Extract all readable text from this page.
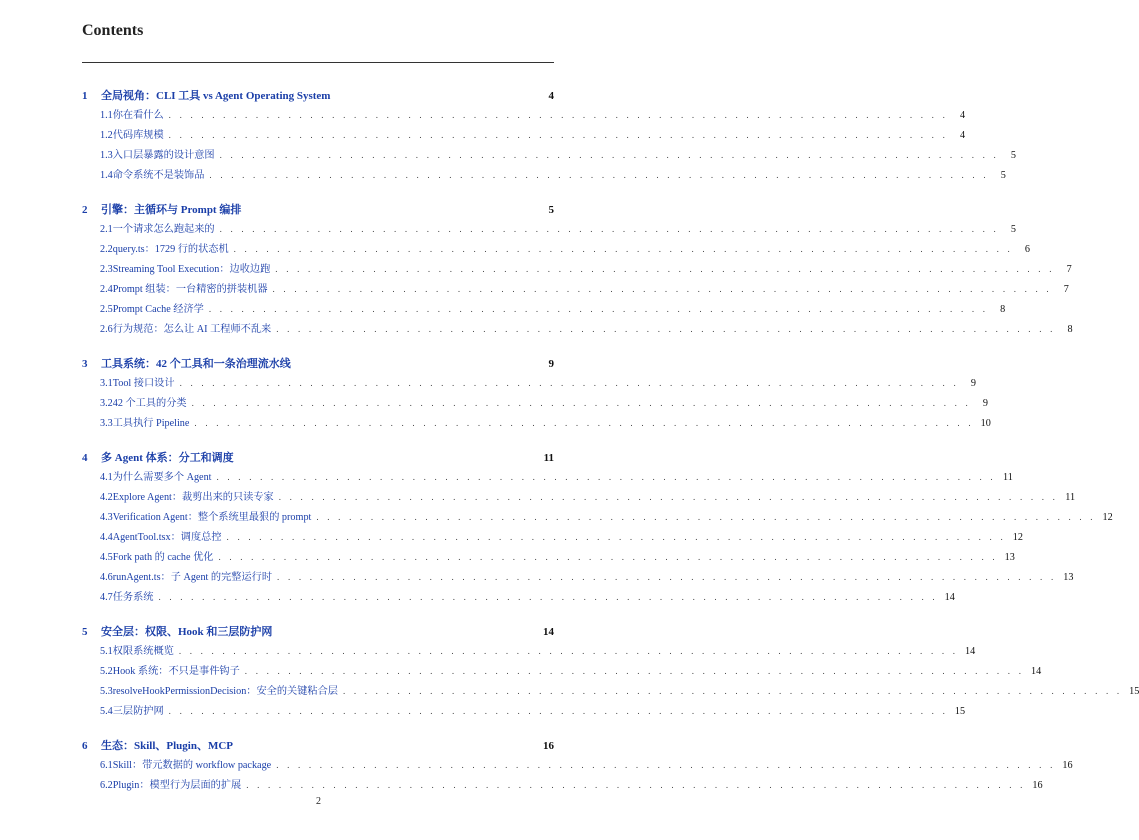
Contents
1	全局视角：CLI 工具 vs Agent Operating System	4
1.1 你在看什么 . . . . . . . . . . . . . . . . . . . . . . . . . . . . . . . . . . . . . . . . . . . . . . . . . . . . . . . . . . . . . . . . . . . . . . . .	4
1.2 代码库规模 . . . . . . . . . . . . . . . . . . . . . . . . . . . . . . . . . . . . . . . . . . . . . . . . . . . . . . . . . . . . . . . . . . . . . . . .	4
1.3 入口层暴露的设计意图 . . . . . . . . . . . . . . . . . . . . . . . . . . . . . . . . . . . . . . . . . . . . . . . . . . . . . . . . . . . . . . . . . . . . . . . .	5
1.4 命令系统不是装饰品 . . . . . . . . . . . . . . . . . . . . . . . . . . . . . . . . . . . . . . . . . . . . . . . . . . . . . . . . . . . . . . . . . . . . . . . .	5
2	引擎：主循环与 Prompt 编排	5
2.1 一个请求怎么跑起来的 . . . . . . . . . . . . . . . . . . . . . . . . . . . . . . . . . . . . . . . . . . . . . . . . . . . . . . . . . . . . . . . . . . . . . . . .	5
2.2 query.ts：1729 行的状态机 . . . . . . . . . . . . . . . . . . . . . . . . . . . . . . . . . . . . . . . . . . . . . . . . . . . . . . . . . . . . . . . . . . . . . . . .	6
2.3 Streaming Tool Execution：边收边跑 . . . . . . . . . . . . . . . . . . . . . . . . . . . . . . . . . . . . . . . . . . . . . . . . . . . . . . . . . . . . . . . . . . . . . . . .	7
2.4 Prompt 组装：一台精密的拼装机器 . . . . . . . . . . . . . . . . . . . . . . . . . . . . . . . . . . . . . . . . . . . . . . . . . . . . . . . . . . . . . . . . . . . . . . . .	7
2.5 Prompt Cache 经济学 . . . . . . . . . . . . . . . . . . . . . . . . . . . . . . . . . . . . . . . . . . . . . . . . . . . . . . . . . . . . . . . . . . . . . . . .	8
2.6 行为规范：怎么让 AI 工程师不乱来 . . . . . . . . . . . . . . . . . . . . . . . . . . . . . . . . . . . . . . . . . . . . . . . . . . . . . . . . . . . . . . . . . . . . . . . .	8
3	工具系统：42 个工具和一条治理流水线	9
3.1 Tool 接口设计 . . . . . . . . . . . . . . . . . . . . . . . . . . . . . . . . . . . . . . . . . . . . . . . . . . . . . . . . . . . . . . . . . . . . . . . .	9
3.2 42 个工具的分类 . . . . . . . . . . . . . . . . . . . . . . . . . . . . . . . . . . . . . . . . . . . . . . . . . . . . . . . . . . . . . . . . . . . . . . . .	9
3.3 工具执行 Pipeline . . . . . . . . . . . . . . . . . . . . . . . . . . . . . . . . . . . . . . . . . . . . . . . . . . . . . . . . . . . . . . . . . . . . . . . . 10
4	多 Agent 体系：分工和调度	11
4.1 为什么需要多个 Agent . . . . . . . . . . . . . . . . . . . . . . . . . . . . . . . . . . . . . . . . . . . . . . . . . . . . . . . . . . . . . . . . . . . . . . . . 11
4.2 Explore Agent：裁剪出来的只读专家 . . . . . . . . . . . . . . . . . . . . . . . . . . . . . . . . . . . . . . . . . . . . . . . . . . . . . . . . . . . . . . . . . . . . . . . . 11
4.3 Verification Agent：整个系统里最狠的 prompt . . . . . . . . . . . . . . . . . . . . . . . . . . . . . . . . . . . . . . . . . . . . . . . . . . . . . . . . . . . . . . . . . . . . . . . . 12
4.4 AgentTool.tsx：调度总控 . . . . . . . . . . . . . . . . . . . . . . . . . . . . . . . . . . . . . . . . . . . . . . . . . . . . . . . . . . . . . . . . . . . . . . . . 12
4.5 Fork path 的 cache 优化 . . . . . . . . . . . . . . . . . . . . . . . . . . . . . . . . . . . . . . . . . . . . . . . . . . . . . . . . . . . . . . . . . . . . . . . . 13
4.6 runAgent.ts：子 Agent 的完整运行时 . . . . . . . . . . . . . . . . . . . . . . . . . . . . . . . . . . . . . . . . . . . . . . . . . . . . . . . . . . . . . . . . . . . . . . . . 13
4.7 任务系统 . . . . . . . . . . . . . . . . . . . . . . . . . . . . . . . . . . . . . . . . . . . . . . . . . . . . . . . . . . . . . . . . . . . . . . . . 14
5	安全层：权限、Hook 和三层防护网	14
5.1 权限系统概览 . . . . . . . . . . . . . . . . . . . . . . . . . . . . . . . . . . . . . . . . . . . . . . . . . . . . . . . . . . . . . . . . . . . . . . . . 14
5.2 Hook 系统：不只是事件钩子 . . . . . . . . . . . . . . . . . . . . . . . . . . . . . . . . . . . . . . . . . . . . . . . . . . . . . . . . . . . . . . . . . . . . . . . . 14
5.3 resolveHookPermissionDecision：安全的关键粘合层 . . . . . . . . . . . . . . . . . . . . . . . . . . . . . . . . . . . . . . . . . . . . . . . . . . . . . . . . . . . . . . . . . . . . . . . . 15
5.4 三层防护网 . . . . . . . . . . . . . . . . . . . . . . . . . . . . . . . . . . . . . . . . . . . . . . . . . . . . . . . . . . . . . . . . . . . . . . . . 15
6	生态：Skill、Plugin、MCP	16
6.1 Skill：带元数据的 workflow package . . . . . . . . . . . . . . . . . . . . . . . . . . . . . . . . . . . . . . . . . . . . . . . . . . . . . . . . . . . . . . . . . . . . . . . . 16
6.2 Plugin：模型行为层面的扩展 . . . . . . . . . . . . . . . . . . . . . . . . . . . . . . . . . . . . . . . . . . . . . . . . . . . . . . . . . . . . . . . . . . . . . . . . 16
2
